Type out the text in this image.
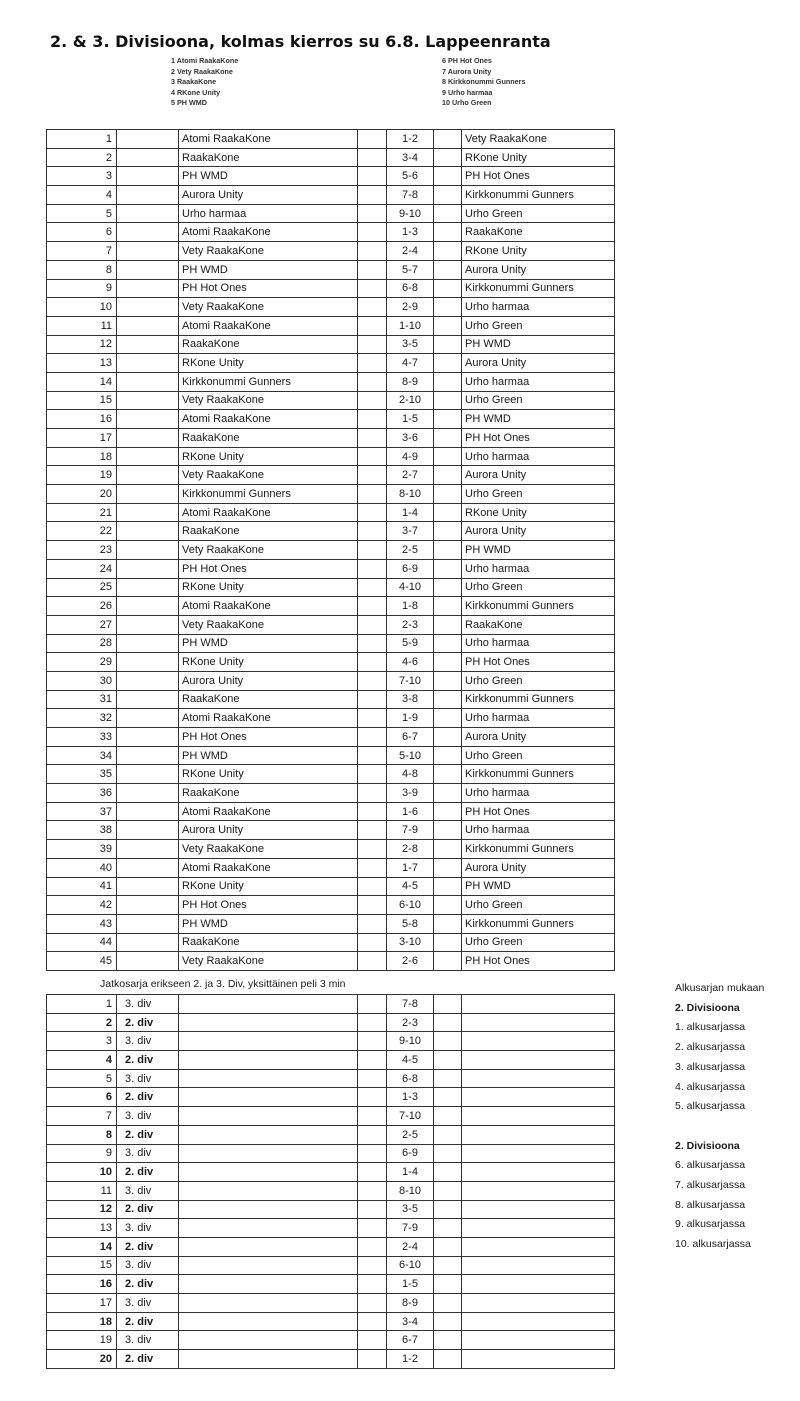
2. & 3. Divisioona, kolmas kierros su 6.8. Lappeenranta
1 Atomi RaakaKone
2 Vety RaakaKone
3 RaakaKone
4 RKone Unity
5 PH WMD
6 PH Hot Ones
7 Aurora Unity
8 Kirkkonummi Gunners
9 Urho harmaa
10 Urho Green
1		Atomi RaakaKone		1-2		Vety RaakaKone
2		RaakaKone		3-4		RKone Unity
3		PH WMD		5-6		PH Hot Ones
4		Aurora Unity		7-8		Kirkkonummi Gunners
5		Urho harmaa		9-10		Urho Green
6		Atomi RaakaKone		1-3		RaakaKone
7		Vety RaakaKone		2-4		RKone Unity
8		PH WMD		5-7		Aurora Unity
9		PH Hot Ones		6-8		Kirkkonummi Gunners
10		Vety RaakaKone		2-9		Urho harmaa
11		Atomi RaakaKone		1-10		Urho Green
12		RaakaKone		3-5		PH WMD
13		RKone Unity		4-7		Aurora Unity
14		Kirkkonummi Gunners		8-9		Urho harmaa
15		Vety RaakaKone		2-10		Urho Green
16		Atomi RaakaKone		1-5		PH WMD
17		RaakaKone		3-6		PH Hot Ones
18		RKone Unity		4-9		Urho harmaa
19		Vety RaakaKone		2-7		Aurora Unity
20		Kirkkonummi Gunners		8-10		Urho Green
21		Atomi RaakaKone		1-4		RKone Unity
22		RaakaKone		3-7		Aurora Unity
23		Vety RaakaKone		2-5		PH WMD
24		PH Hot Ones		6-9		Urho harmaa
25		RKone Unity		4-10		Urho Green
26		Atomi RaakaKone		1-8		Kirkkonummi Gunners
27		Vety RaakaKone		2-3		RaakaKone
28		PH WMD		5-9		Urho harmaa
29		RKone Unity		4-6		PH Hot Ones
30		Aurora Unity		7-10		Urho Green
31		RaakaKone		3-8		Kirkkonummi Gunners
32		Atomi RaakaKone		1-9		Urho harmaa
33		PH Hot Ones		6-7		Aurora Unity
34		PH WMD		5-10		Urho Green
35		RKone Unity		4-8		Kirkkonummi Gunners
36		RaakaKone		3-9		Urho harmaa
37		Atomi RaakaKone		1-6		PH Hot Ones
38		Aurora Unity		7-9		Urho harmaa
39		Vety RaakaKone		2-8		Kirkkonummi Gunners
40		Atomi RaakaKone		1-7		Aurora Unity
41		RKone Unity		4-5		PH WMD
42		PH Hot Ones		6-10		Urho Green
43		PH WMD		5-8		Kirkkonummi Gunners
44		RaakaKone		3-10		Urho Green
45		Vety RaakaKone		2-6		PH Hot Ones
Jatkosarja erikseen 2. ja 3. Div, yksittäinen peli 3 min
1	3. div			7-8		
2	2. div			2-3		
3	3. div			9-10		
4	2. div			4-5		
5	3. div			6-8		
6	2. div			1-3		
7	3. div			7-10		
8	2. div			2-5		
9	3. div			6-9		
10	2. div			1-4		
11	3. div			8-10		
12	2. div			3-5		
13	3. div			7-9		
14	2. div			2-4		
15	3. div			6-10		
16	2. div			1-5		
17	3. div			8-9		
18	2. div			3-4		
19	3. div			6-7		
20	2. div			1-2		
Alkusarjan mukaan
2. Divisioona
1. alkusarjassa
2. alkusarjassa
3. alkusarjassa
4. alkusarjassa
5. alkusarjassa
2. Divisioona
6. alkusarjassa
7. alkusarjassa
8. alkusarjassa
9. alkusarjassa
10. alkusarjassa
